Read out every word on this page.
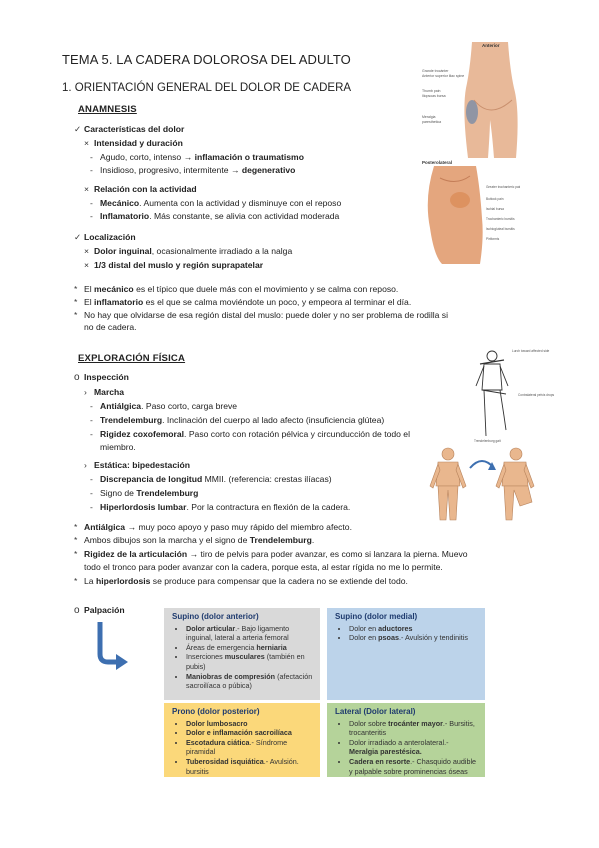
TEMA 5. LA CADERA DOLOROSA DEL ADULTO
1. ORIENTACIÓN GENERAL DEL DOLOR DE CADERA
ANAMNESIS
✓ Características del dolor
× Intensidad y duración
- Agudo, corto, intenso → inflamación o traumatismo
- Insidioso, progresivo, intermitente → degenerativo
× Relación con la actividad
- Mecánico. Aumenta con la actividad y disminuye con el reposo
- Inflamatorio. Más constante, se alivia con actividad moderada
✓ Localización
× Dolor inguinal, ocasionalmente irradiado a la nalga
× 1/3 distal del muslo y región suprapatelar
* El mecánico es el típico que duele más con el movimiento y se calma con reposo.
* El inflamatorio es el que se calma moviéndote un poco, y empeora al terminar el día.
* No hay que olvidarse de esa región distal del muslo: puede doler y no ser problema de rodilla si
no de cadera.
EXPLORACIÓN FÍSICA
o Inspección
› Marcha
- Antiálgica. Paso corto, carga breve
- Trendelemburg. Inclinación del cuerpo al lado afecto (insuficiencia glútea)
- Rigidez coxofemoral. Paso corto con rotación pélvica y circunducción de todo el
miembro.
› Estática: bipedestación
- Discrepancia de longitud MMII. (referencia: crestas ilíacas)
- Signo de Trendelemburg
- Hiperlordosis lumbar. Por la contractura en flexión de la cadera.
* Antiálgica → muy poco apoyo y paso muy rápido del miembro afecto.
* Ambos dibujos son la marcha y el signo de Trendelemburg.
* Rigidez de la articulación → tiro de pelvis para poder avanzar, es como si lanzara la pierna. Muevo
todo el tronco para poder avanzar con la cadera, porque esta, al estar rígida no me lo permite.
* La hiperlordosis se produce para compensar que la cadera no se extiende del todo.
o Palpación
Supino (dolor anterior)
• Dolor articular.- Bajo ligamento inguinal, lateral a arteria femoral
• Áreas de emergencia herniaria
• Inserciones musculares (también en pubis)
• Maniobras de compresión (afectación sacroilíaca o púbica)
Supino (dolor medial)
• Dolor en aductores
• Dolor en psoas.- Avulsión y tendinitis
Prono (dolor posterior)
• Dolor lumbosacro
• Dolor e inflamación sacroilíaca
• Escotadura ciática.- Síndrome piramidal
• Tuberosidad isquiática.- Avulsión. bursitis
Lateral (Dolor lateral)
• Dolor sobre trocánter mayor.- Bursitis, trocanteritis
• Dolor irradiado a anterolateral.- Meralgia parestésica.
• Cadera en resorte.- Chasquido audible y palpable sobre prominencias óseas
Anterior
Grande trocánter
Anterior superior iliac spine
Thumb pain
Iliopsoas bursa
Meralgia
paresthetica
Posterolateral
Greater trochanteric pain
Buttock pain
Ischial bursa
Trochanteric bursitis
Ischiogluteal bursitis
Piriformis
Lurch toward affected side
Contralateral pelvis drops
Trendelenburg gait
